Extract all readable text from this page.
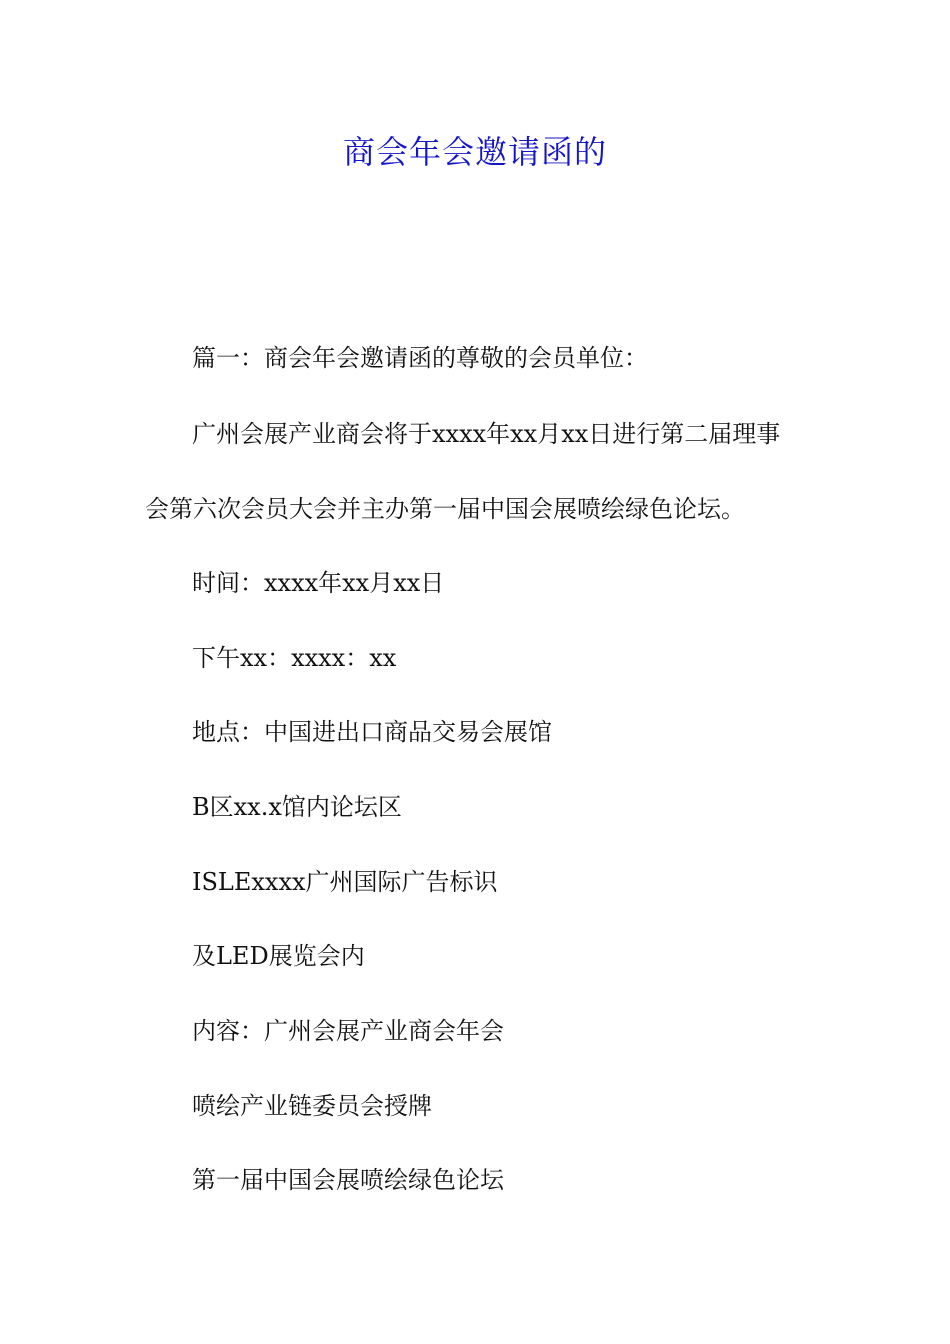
商会年会邀请函的

篇一：商会年会邀请函的尊敬的会员单位：

广州会展产业商会将于xxxx年xx月xx日进行第二届理事

会第六次会员大会并主办第一届中国会展喷绘绿色论坛。

时间：xxxx年xx月xx日

下午xx：xxxx：xx

地点：中国进出口商品交易会展馆

B区xx.x馆内论坛区

ISLExxxx广州国际广告标识

及LED展览会内

内容：广州会展产业商会年会

喷绘产业链委员会授牌

第一届中国会展喷绘绿色论坛
